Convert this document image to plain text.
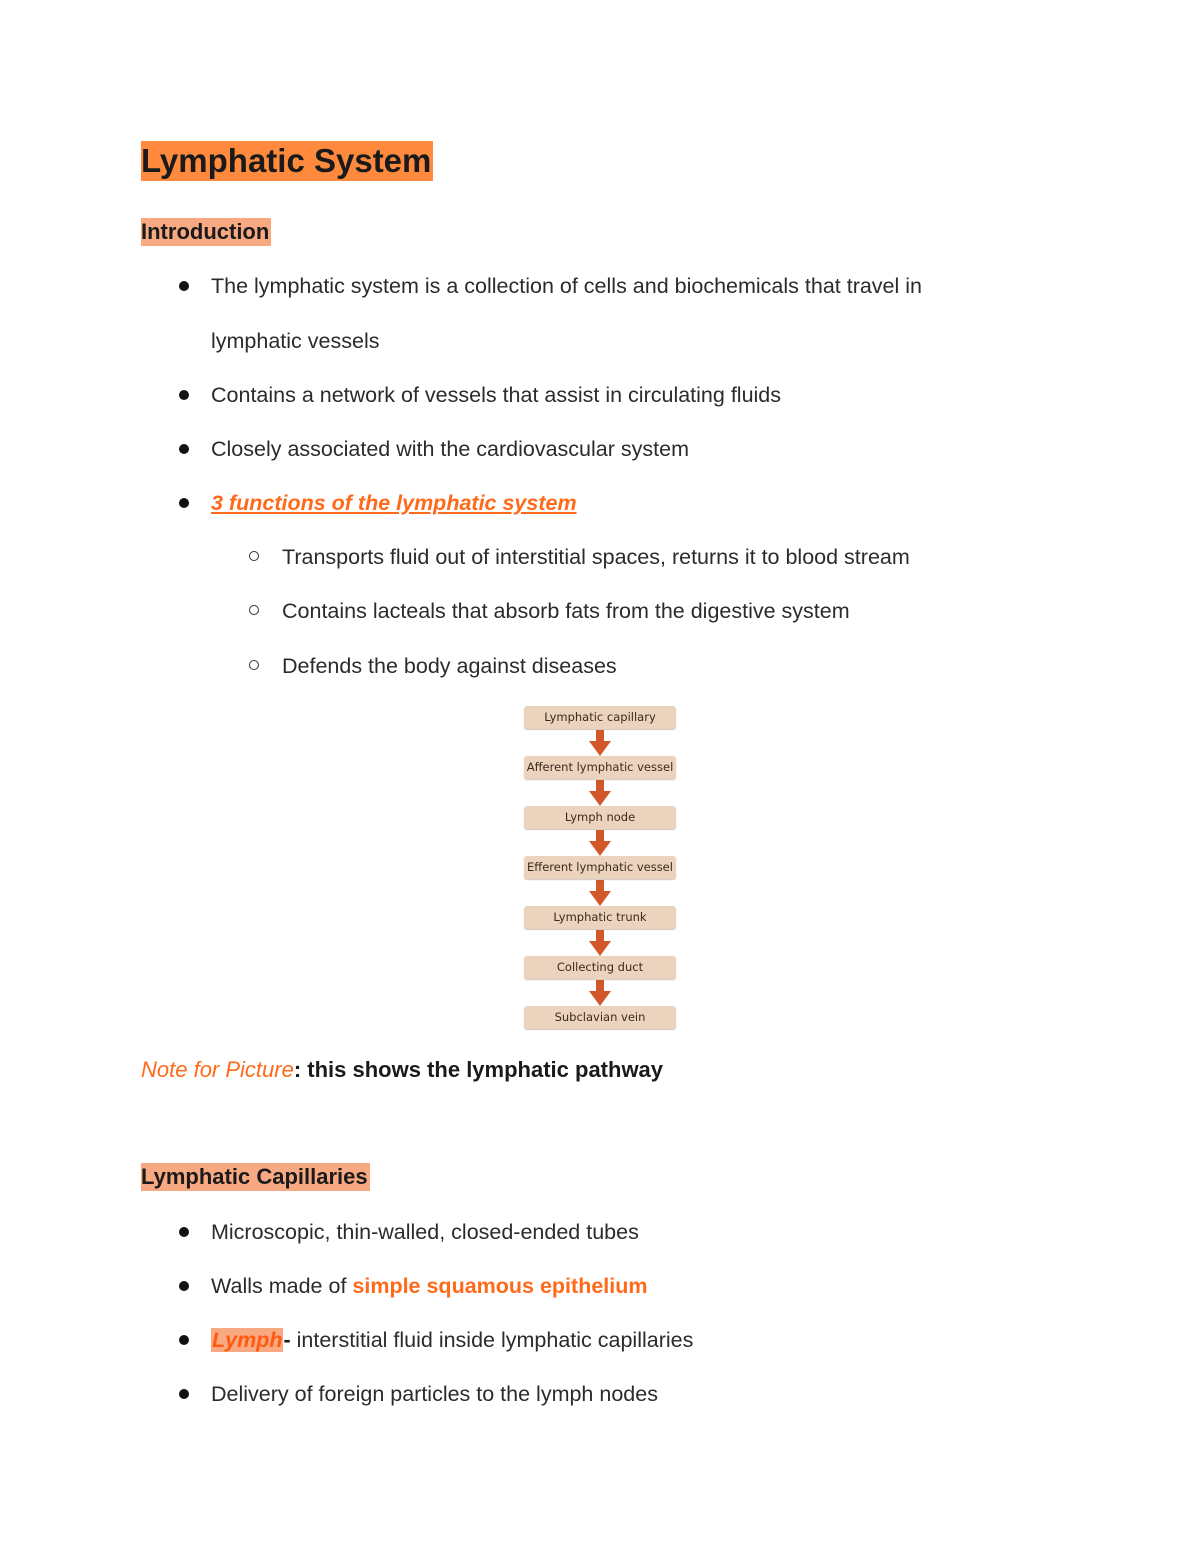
Lymphatic System
Introduction
The lymphatic system is a collection of cells and biochemicals that travel in
lymphatic vessels
Contains a network of vessels that assist in circulating fluids
Closely associated with the cardiovascular system
3 functions of the lymphatic system
Transports fluid out of interstitial spaces, returns it to blood stream
Contains lacteals that absorb fats from the digestive system
Defends the body against diseases
Lymphatic capillary
Afferent lymphatic vessel
Lymph node
Efferent lymphatic vessel
Lymphatic trunk
Collecting duct
Subclavian vein
Note for Picture: this shows the lymphatic pathway
Lymphatic Capillaries
Microscopic, thin-walled, closed-ended tubes
Walls made of simple squamous epithelium
Lymph- interstitial fluid inside lymphatic capillaries
Delivery of foreign particles to the lymph nodes
